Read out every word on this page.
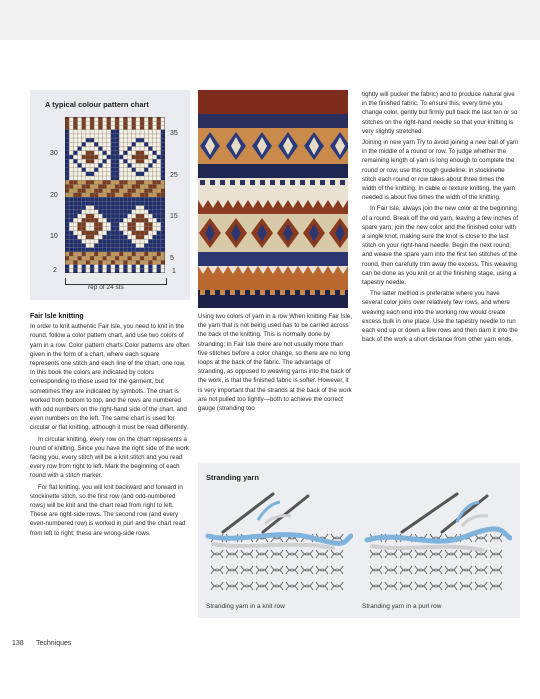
A typical colour pattern chart
30
20
10
2
35
25
15
5
1
rep of 24 sts
Fair Isle knitting

In order to knit authentic Fair Isle, you need to knit in the round, follow a color pattern chart, and use two colors of yarn in a row. Color pattern charts Color patterns are often given in the form of a chart, where each square represents one stitch and each line of the chart, one row. In this book the colors are indicated by colors corresponding to those used for the garment, but sometimes they are indicated by symbols. The chart is worked from bottom to top, and the rows are numbered with odd numbers on the right-hand side of the chart, and even numbers on the left. The same chart is used for circular or flat knitting, although it must be read differently.

In circular knitting, every row on the chart represents a round of knitting. Since you have the right side of the work facing you, every stitch will be a knit stitch and you read every row from right to left. Mark the beginning of each round with a stitch marker.

For flat knitting, you will knit backward and forward in stockinette stitch, so the first row (and odd-numbered rows) will be knit and the chart read from right to left. These are right-side rows. The second row (and every even-numbered row) is worked in purl and the chart read from left to right; these are wrong-side rows.

Using two colors of yarn in a row When knitting Fair Isle, the yarn that is not being used has to be carried across the back of the knitting. This is normally done by stranding; in Fair Isle there are not usually more than five stitches before a color change, so there are no long loops at the back of the fabric. The advantage of stranding, as opposed to weaving yarns into the back of the work, is that the finished fabric is softer. However, it is very important that the strands at the back of the work are not pulled too tightly—both to achieve the correct gauge (stranding too

tightly will pucker the fabric) and to produce natural give in the finished fabric. To ensure this, every time you change color, gently but firmly pull back the last ten or so stitches on the right-hand needle so that your knitting is very slightly stretched.

Joining in new yarn Try to avoid joining a new ball of yarn in the middle of a round or row. To judge whether the remaining length of yarn is long enough to complete the round or row, use this rough guideline: in stockinette stitch each round or row takes about three times the width of the knitting. In cable or texture knitting, the yarn needed is about five times the width of the knitting.

In Fair Isle, always join the new color at the beginning of a round. Break off the old yarn, leaving a few inches of spare yarn; join the new color and the finished color with a single knot, making sure the knot is close to the last stitch on your right-hand needle. Begin the next round, and weave the spare yarn into the first ten stitches of the round, then carefully trim away the excess. This weaving can be done as you knit or at the finishing stage, using a tapestry needle.

The latter method is preferable where you have several color joins over relatively few rows, and where weaving each end into the working row would create excess bulk in one place. Use the tapestry needle to run each end up or down a few rows and then darn it into the back of the work a short distance from other yarn ends.

Stranding yarn
Stranding yarn in a knit row	Stranding yarn in a purl row
138 Techniques
